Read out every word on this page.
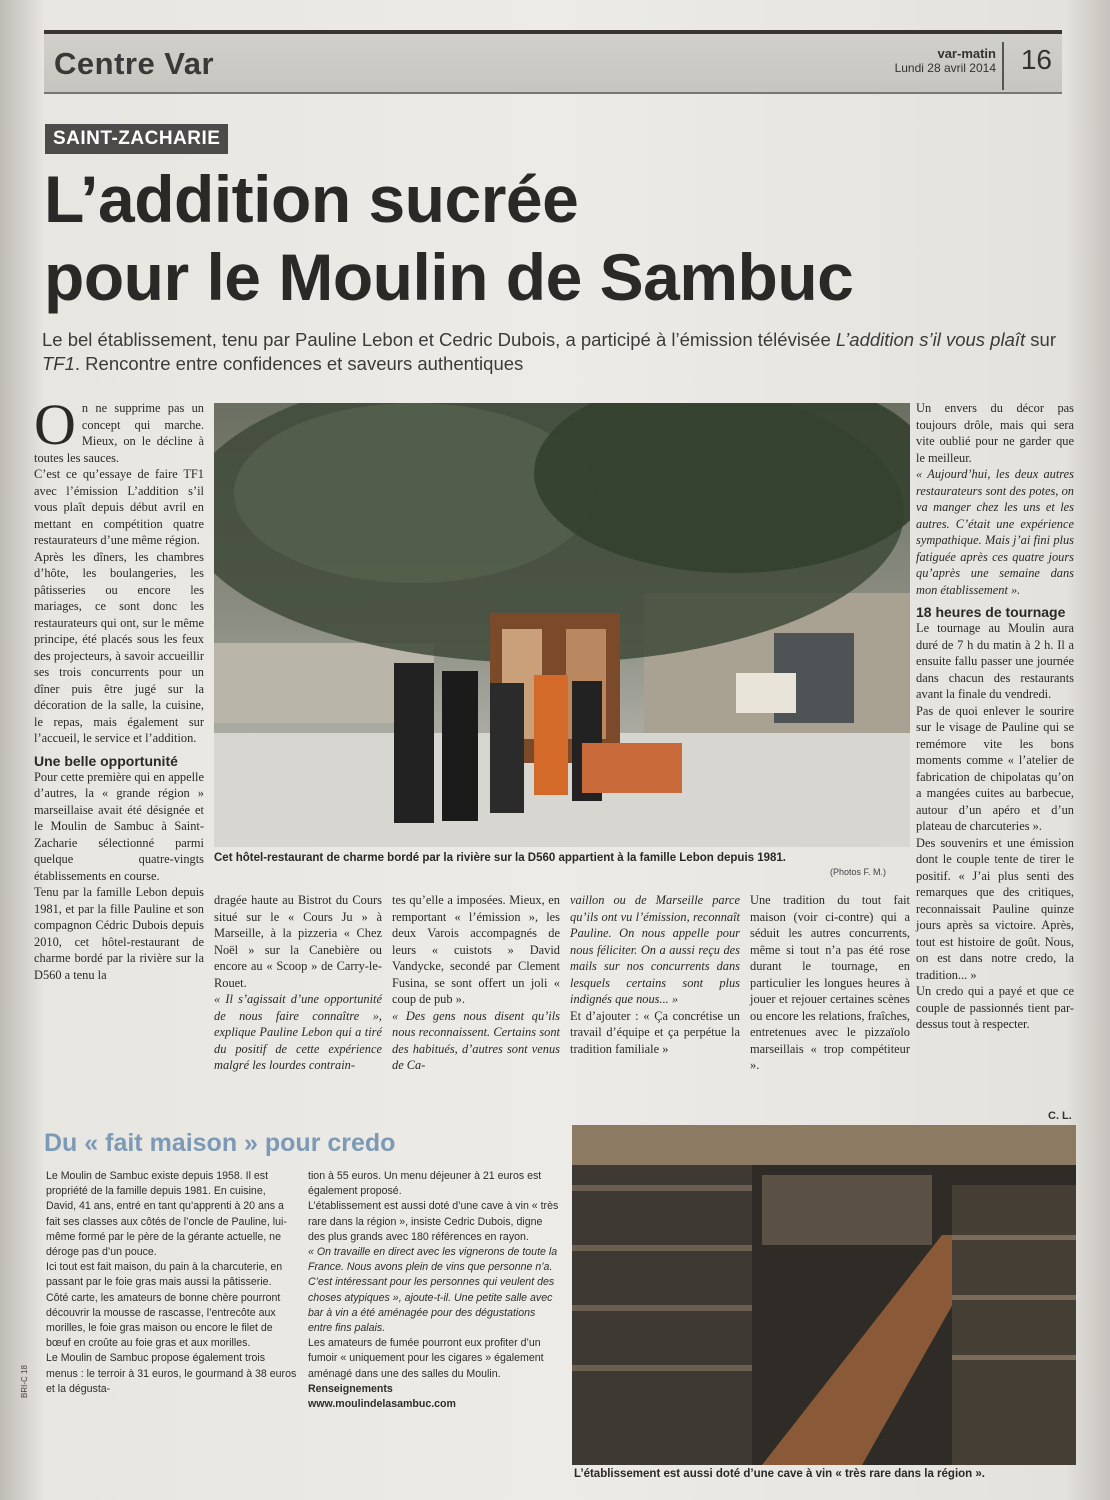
Centre Var	var-matin
Lundi 28 avril 2014 16
SAINT-ZACHARIE
L’addition sucrée
pour le Moulin de Sambuc
Le bel établissement, tenu par Pauline Lebon et Cedric Dubois, a participé à l’émission télévisée L’addition s’il vous plaît sur TF1. Rencontre entre confidences et saveurs authentiques
O n ne supprime pas un concept qui marche. Mieux, on le décline à toutes les sauces.

C’est ce qu’essaye de faire TF1 avec l’émission L’addition s’il vous plaît depuis début avril en mettant en compétition quatre restaurateurs d’une même région.

Après les dîners, les chambres d’hôte, les boulangeries, les pâtisseries ou encore les mariages, ce sont donc les restaurateurs qui ont, sur le même principe, été placés sous les feux des projecteurs, à savoir accueillir ses trois concurrents pour un dîner puis être jugé sur la décoration de la salle, la cuisine, le repas, mais également sur l’accueil, le service et l’addition.

Une belle opportunité

Pour cette première qui en appelle d’autres, la « grande région » marseillaise avait été désignée et le Moulin de Sambuc à Saint-Zacharie sélectionné parmi quelque quatre-vingts établissements en course.

Tenu par la famille Lebon depuis 1981, et par la fille Pauline et son compagnon Cédric Dubois depuis 2010, cet hôtel-restaurant de charme bordé par la rivière sur la D560 a tenu la

Cet hôtel-restaurant de charme bordé par la rivière sur la D560 appartient à la famille Lebon depuis 1981.
(Photos F. M.)

dragée haute au Bistrot du Cours situé sur le « Cours Ju » à Marseille, à la pizzeria « Chez Noël » sur la Canebière ou encore au « Scoop » de Carry-le-Rouet.

« Il s’agissait d’une opportunité de nous faire connaître », explique Pauline Lebon qui a tiré du positif de cette expérience malgré les lourdes contrain-

tes qu’elle a imposées. Mieux, en remportant « l’émission », les deux Varois accompagnés de leurs « cuistots » David Vandycke, secondé par Clement Fusina, se sont offert un joli « coup de pub ».

« Des gens nous disent qu’ils nous reconnaissent. Certains sont des habitués, d’autres sont venus de Ca-

vaillon ou de Marseille parce qu’ils ont vu l’émission, reconnaît Pauline. On nous appelle pour nous féliciter. On a aussi reçu des mails sur nos concurrents dans lesquels certains sont plus indignés que nous... »

Et d’ajouter : « Ça concrétise un travail d’équipe et ça perpétue la tradition familiale »

Une tradition du tout fait maison (voir ci-contre) qui a séduit les autres concurrents, même si tout n’a pas été rose durant le tournage, en particulier les longues heures à jouer et rejouer certaines scènes ou encore les relations, fraîches, entretenues avec le pizzaïolo marseillais « trop compétiteur ».

Un envers du décor pas toujours drôle, mais qui sera vite oublié pour ne garder que le meilleur.

« Aujourd’hui, les deux autres restaurateurs sont des potes, on va manger chez les uns et les autres. C’était une expérience sympathique. Mais j’ai fini plus fatiguée après ces quatre jours qu’après une semaine dans mon établissement ».

18 heures de tournage

Le tournage au Moulin aura duré de 7 h du matin à 2 h. Il a ensuite fallu passer une journée dans chacun des restaurants avant la finale du vendredi.

Pas de quoi enlever le sourire sur le visage de Pauline qui se remémore vite les bons moments comme « l’atelier de fabrication de chipolatas qu’on a mangées cuites au barbecue, autour d’un apéro et d’un plateau de charcuteries ».

Des souvenirs et une émission dont le couple tente de tirer le positif. « J’ai plus senti des remarques que des critiques, reconnaissait Pauline quinze jours après sa victoire. Après, tout est histoire de goût. Nous, on est dans notre credo, la tradition... »

Un credo qui a payé et que ce couple de passionnés tient par-dessus tout à respecter.

C. L.
Du « fait maison » pour credo

Le Moulin de Sambuc existe depuis 1958. Il est propriété de la famille depuis 1981. En cuisine, David, 41 ans, entré en tant qu’apprenti à 20 ans a fait ses classes aux côtés de l’oncle de Pauline, lui-même formé par le père de la gérante actuelle, ne déroge pas d’un pouce.

Ici tout est fait maison, du pain à la charcuterie, en passant par le foie gras mais aussi la pâtisserie.

Côté carte, les amateurs de bonne chère pourront découvrir la mousse de rascasse, l’entrecôte aux morilles, le foie gras maison ou encore le filet de bœuf en croûte au foie gras et aux morilles.

Le Moulin de Sambuc propose également trois menus : le terroir à 31 euros, le gourmand à 38 euros et la dégusta-

tion à 55 euros. Un menu déjeuner à 21 euros est également proposé.

L’établissement est aussi doté d’une cave à vin « très rare dans la région », insiste Cedric Dubois, digne des plus grands avec 180 références en rayon.

« On travaille en direct avec les vignerons de toute la France. Nous avons plein de vins que personne n’a. C’est intéressant pour les personnes qui veulent des choses atypiques », ajoute-t-il. Une petite salle avec bar à vin a été aménagée pour des dégustations entre fins palais.

Les amateurs de fumée pourront eux profiter d’un fumoir « uniquement pour les cigares » également aménagé dans une des salles du Moulin.

Renseignements
www.moulindelasambuc.com
L’établissement est aussi doté d’une cave à vin « très rare dans la région ».
BRI-C 18
